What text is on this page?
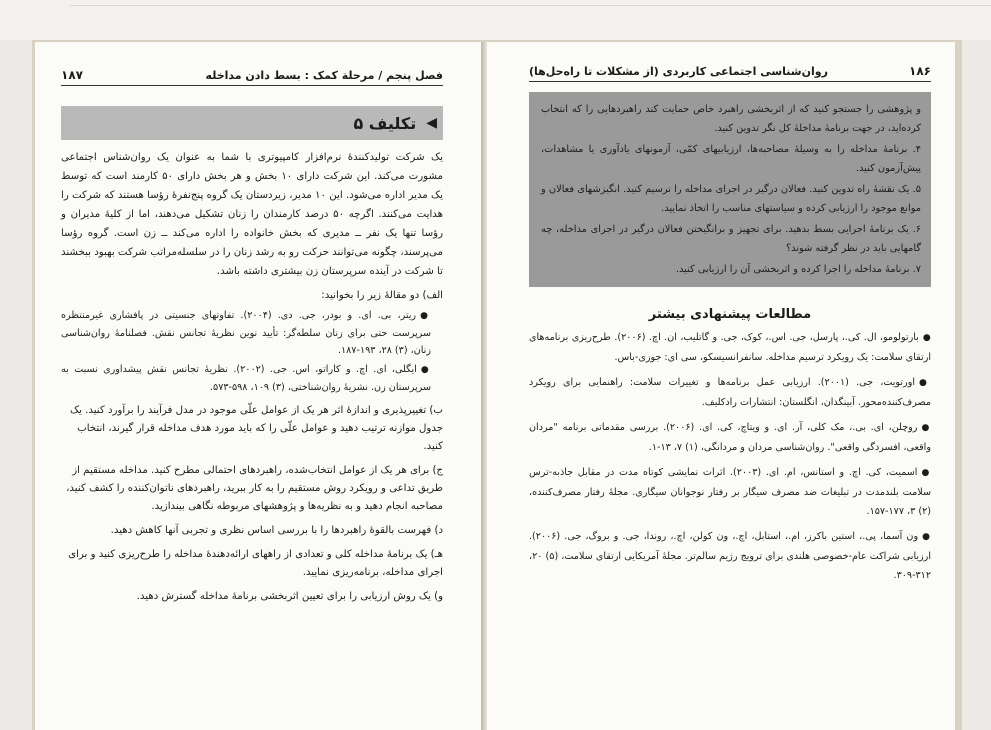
فصل پنجم / مرحلة کمک : بسط دادن مداخله
۱۸۷
◀
تکلیف ۵

یک شرکت تولیدکنندهٔ نرم‌افزار کامپیوتری با شما به عنوان یک روان‌شناس اجتماعی مشورت می‌کند. این شرکت دارای ۱۰ بخش و هر بخش دارای ۵۰ کارمند است که توسط یک مدیر اداره می‌شود. این ۱۰ مدیر، زیردستان یک گروه پنج‌نفرهٔ رؤسا هستند که شرکت را هدایت می‌کنند. اگرچه ۵۰ درصد کارمندان را زنان تشکیل می‌دهند، اما از کلیهٔ مدیران و رؤسا تنها یک نفر ــ مدیری که بخش خانواده را اداره می‌کند ــ زن است. گروه رؤسا می‌پرسند، چگونه می‌توانند حرکت رو به رشد زنان را در سلسله‌مراتب شرکت بهبود ببخشند تا شرکت در آینده سرپرستان زن بیشتری داشته باشد.

الف) دو مقالهٔ زیر را بخوانید:

●ریتر، بی. ای. و بودر، جی. دی. (۲۰۰۴). تفاوتهای جنسیتی در پافشاری غیرمنتظره سرپرست حتی برای زنان سلطه‌گر: تأیید نوین نظریهٔ تجانس نقش. فصلنامهٔ روان‌شناسی زنان، (۳) ۲۸، ۱۹۳-۱۸۷.

●ایگلی، ای. اچ. و کاراتو، اس. جی. (۲۰۰۲). نظریهٔ تجانس نقش پیشداوری نسبت به سرپرستان زن. نشریهٔ روان‌شناختی، (۳) ۱۰۹، ۵۹۸-۵۷۳.

ب) تغییرپذیری و اندازهٔ اثر هر یک از عوامل علّی موجود در مدل فرآیند را برآورد کنید. یک جدول موازنه ترتیب دهید و عوامل علّی را که باید مورد هدف مداخله قرار گیرند، انتخاب کنید.

ج) برای هر یک از عوامل انتخاب‌شده، راهبردهای احتمالی مطرح کنید. مداخله مستقیم از طریق تداعی و رویکرد روش مستقیم را به کار ببرید، راهبردهای ناتوان‌کننده را کشف کنید، مصاحبه انجام دهید و به نظریه‌ها و پژوهشهای مربوطه نگاهی بیندازید.

د) فهرست بالقوهٔ راهبردها را با بررسی اساس نظری و تجربی آنها کاهش دهید.

هـ) یک برنامهٔ مداخله کلی و تعدادی از راههای ارائه‌دهندهٔ مداخله را طرح‌ریزی کنید و برای اجرای مداخله، برنامه‌ریزی نمایید.

و) یک روش ارزیابی را برای تعیین اثربخشی برنامهٔ مداخله گسترش دهید.

۱۸۶
روان‌شناسی اجتماعی کاربردی (از مشکلات تا راه‌حل‌ها)

و پژوهشی را جستجو کنید که از اثربخشی راهبرد خاص حمایت کند راهبردهایی را که انتخاب کرده‌اید، در جهت برنامهٔ مداخلهٔ کل نگر تدوین کنید.

۴. برنامهٔ مداخله را به وسیلهٔ مصاحبه‌ها، ارزیابیهای کمّی، آزمونهای یادآوری یا مشاهدات، پیش‌آزمون کنید.

۵. یک نقشهٔ راه تدوین کنید. فعالان درگیر در اجرای مداخله را ترسیم کنید. انگیزشهای فعالان و موانع موجود را ارزیابی کرده و سیاستهای مناسب را اتخاذ نمایید.

۶. یک برنامهٔ اجرایی بسط بدهید. برای تجهیز و برانگیختن فعالان درگیر در اجرای مداخله، چه گامهایی باید در نظر گرفته شوند؟

۷. برنامهٔ مداخله را اجرا کرده و اثربخشی آن را ارزیابی کنید.

مطالعات پیشنهادی بیشتر

●بارتولومو، ال. کی.، پارسل، جی. اس.، کوک، جی. و گاتلیب، ان. اچ. (۲۰۰۶). طرح‌ریزی برنامه‌های ارتقای سلامت: یک رویکرد ترسیم مداخله. سانفرانسیسکو، سی ای: جوزی-باس.

●اورتویت، جی. (۲۰۰۱). ارزیابی عمل برنامه‌ها و تغییرات سلامت: راهنمایی برای رویکرد مصرف‌کننده‌محور. آبینگدان، انگلستان: انتشارات رادکلیف.

●روچلن، ای. بی.، مک کلی، آر. ای. و ویتاچ، کی. ای. (۲۰۰۶). بررسی مقدماتی برنامه "مردان واقعی، افسردگی واقعی". روان‌شناسی مردان و مردانگی، (۱) ۷، ۱۳-۱.

●اسمیت، کی. اچ. و استانس، ام. ای. (۲۰۰۳). اثرات نمایشی کوتاه مدت در مقابل جاذبه-ترس سلامت بلندمدت در تبلیغات ضد مصرف سیگار بر رفتار نوجوانان سیگاری. مجلهٔ رفتار مصرف‌کننده، (۲) ۳، ۱۷۷-۱۵۷.

●ون آسما، پی.، استین باکرز، ام.، استابل، اچ.، ون کولن، اچ.، روندا، جی. و بروگ، جی. (۲۰۰۶). ارزیابی شراکت عام-خصوصی هلندی برای ترویج رژیم سالم‌تر. مجلهٔ آمریکایی ارتقای سلامت، (۵) ۲۰، ۳۱۲-۳۰۹.
